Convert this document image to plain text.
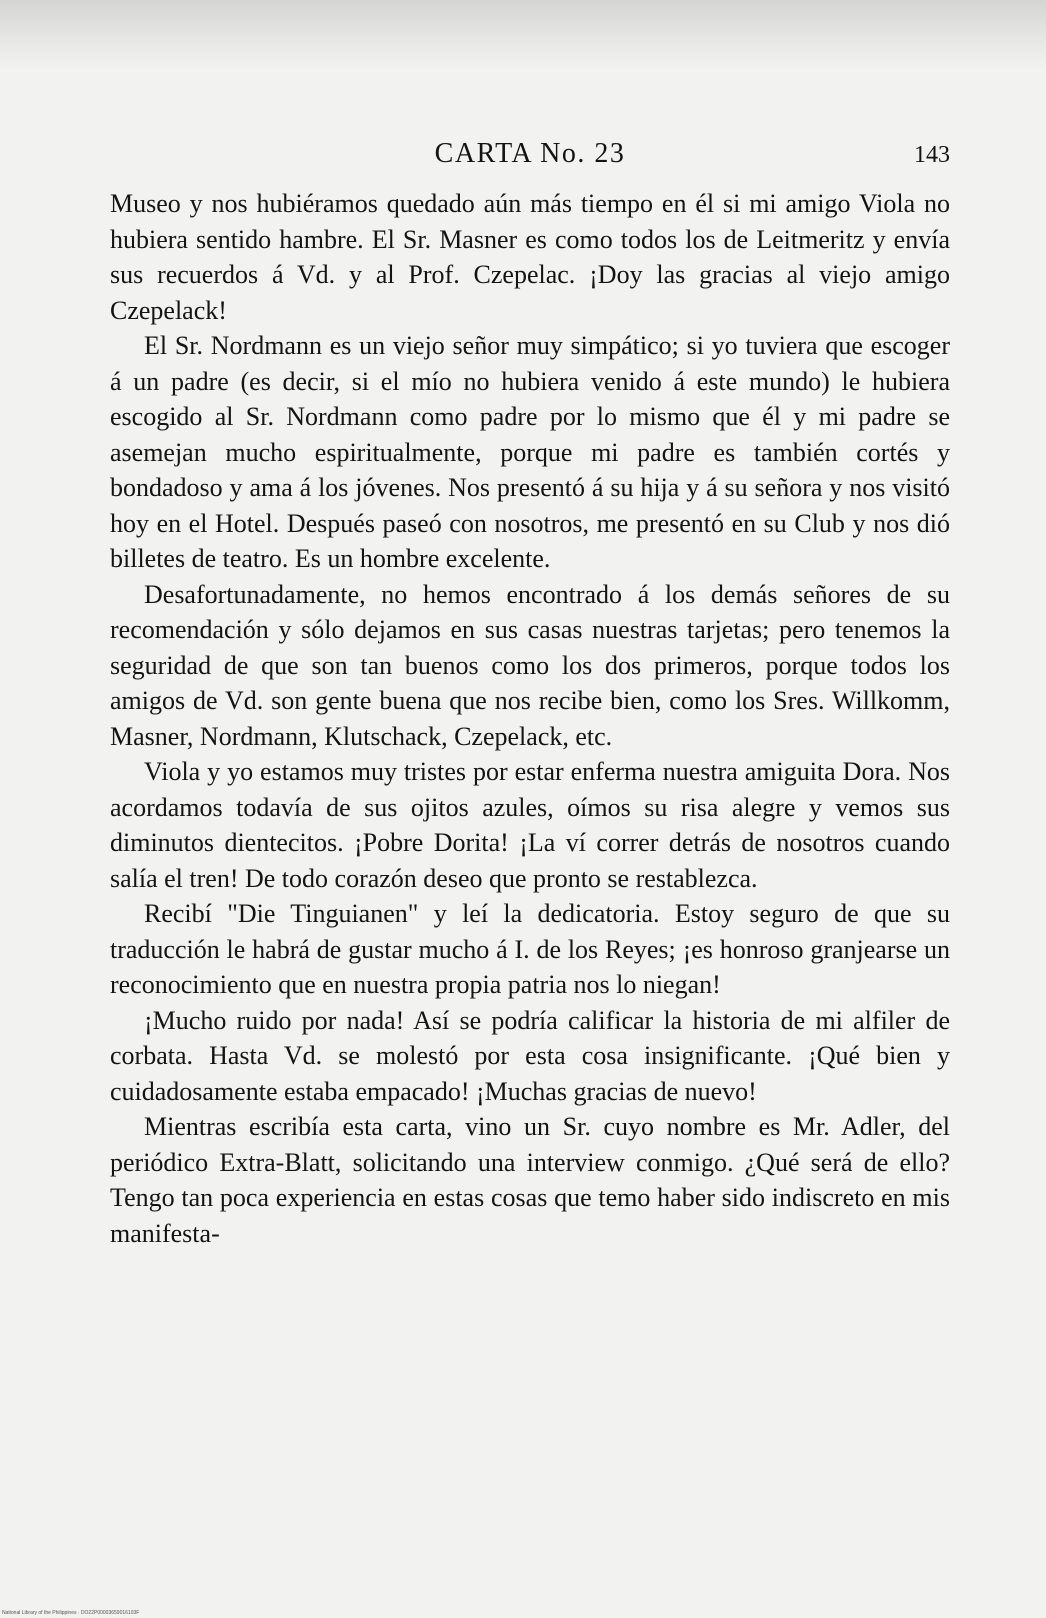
CARTA No. 23	143

Museo y nos hubiéramos quedado aún más tiempo en él si mi amigo Viola no hubiera sentido hambre. El Sr. Masner es como todos los de Leitmeritz y envía sus recuerdos á Vd. y al Prof. Czepelac. ¡Doy las gracias al viejo amigo Czepelack!

El Sr. Nordmann es un viejo señor muy simpático; si yo tuviera que escoger á un padre (es decir, si el mío no hubiera venido á este mundo) le hubiera escogido al Sr. Nordmann como padre por lo mismo que él y mi padre se asemejan mucho espiritualmente, porque mi padre es también cortés y bondadoso y ama á los jóvenes. Nos presentó á su hija y á su señora y nos visitó hoy en el Hotel. Después paseó con nosotros, me presentó en su Club y nos dió billetes de teatro. Es un hombre excelente.

Desafortunadamente, no hemos encontrado á los demás señores de su recomendación y sólo dejamos en sus casas nuestras tarjetas; pero tenemos la seguridad de que son tan buenos como los dos primeros, porque todos los amigos de Vd. son gente buena que nos recibe bien, como los Sres. Willkomm, Masner, Nordmann, Klutschack, Czepelack, etc.

Viola y yo estamos muy tristes por estar enferma nuestra amiguita Dora. Nos acordamos todavía de sus ojitos azules, oímos su risa alegre y vemos sus diminutos dientecitos. ¡Pobre Dorita! ¡La ví correr detrás de nosotros cuando salía el tren! De todo corazón deseo que pronto se restablezca.

Recibí "Die Tinguianen" y leí la dedicatoria. Estoy seguro de que su traducción le habrá de gustar mucho á I. de los Reyes; ¡es honroso granjearse un reconocimiento que en nuestra propia patria nos lo niegan!

¡Mucho ruido por nada! Así se podría calificar la historia de mi alfiler de corbata. Hasta Vd. se molestó por esta cosa insignificante. ¡Qué bien y cuidadosamente estaba empacado! ¡Muchas gracias de nuevo!

Mientras escribía esta carta, vino un Sr. cuyo nombre es Mr. Adler, del periódico Extra-Blatt, solicitando una interview conmigo. ¿Qué será de ello? Tengo tan poca experiencia en estas cosas que temo haber sido indiscreto en mis manifesta-

National Library of the Philippines · DO22P00003659016103F
